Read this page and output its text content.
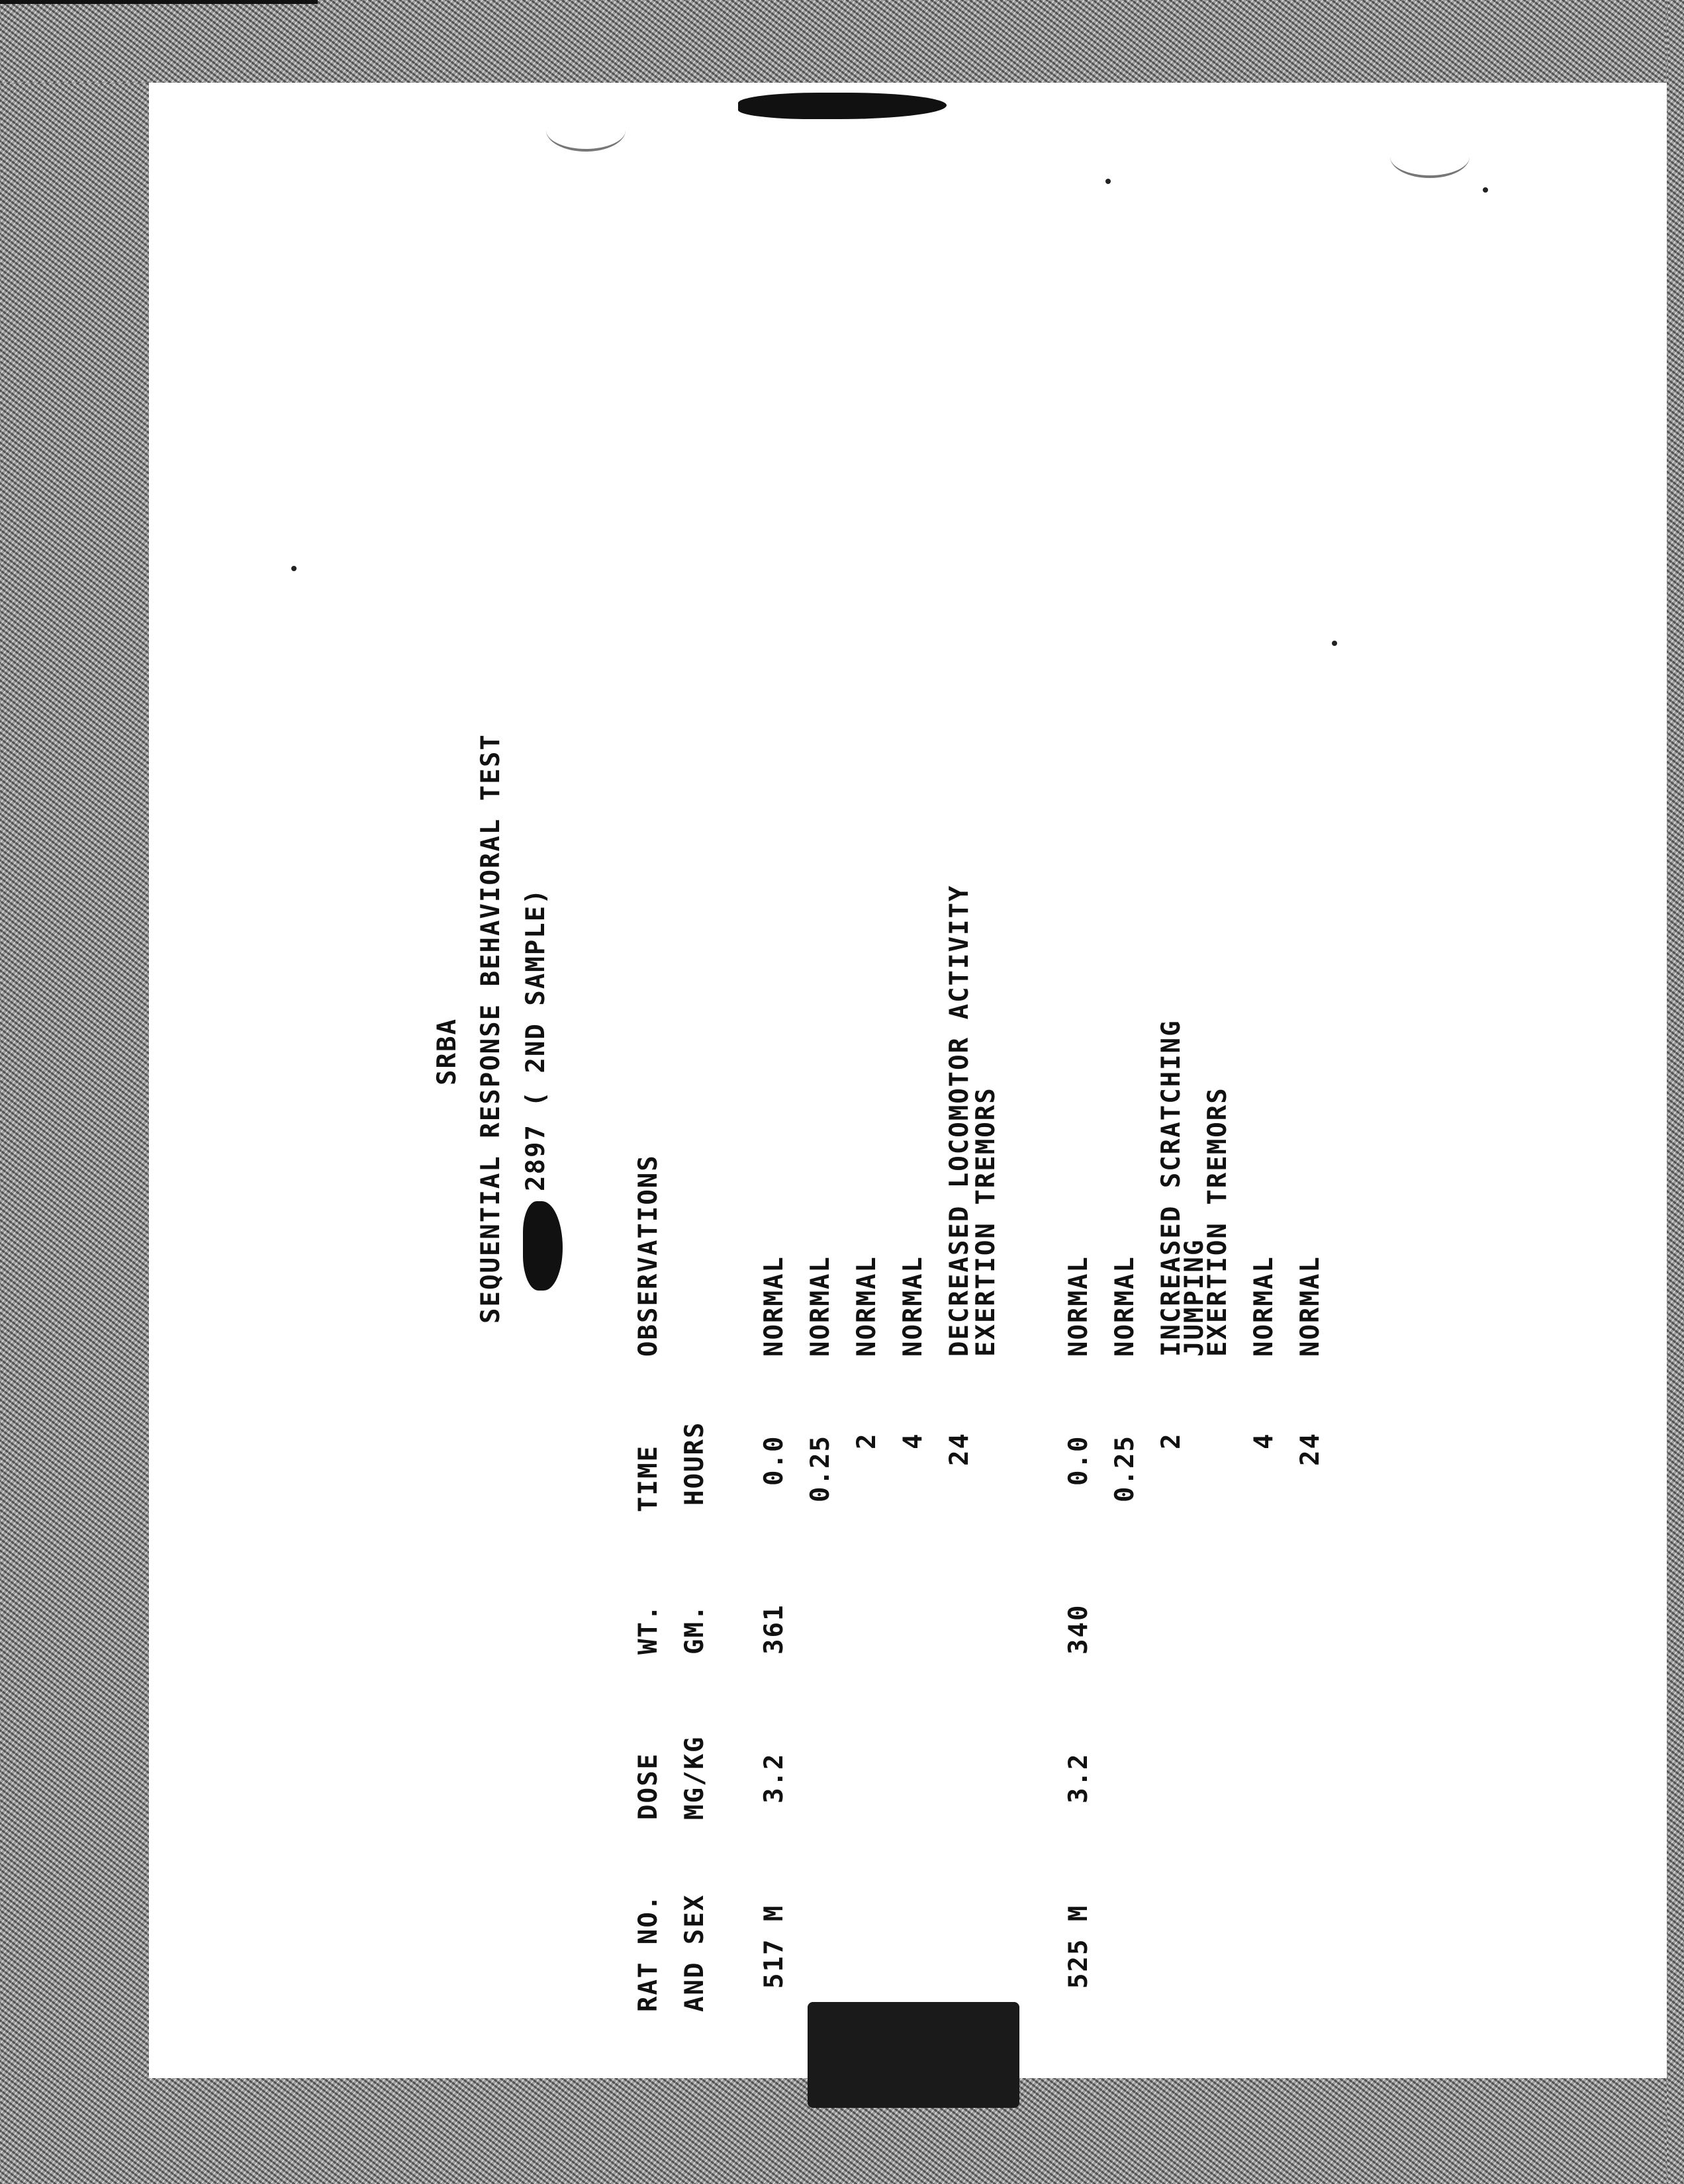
SRBA SEQUENTIAL RESPONSE BEHAVIORAL TEST 2897 ( 2ND SAMPLE)
RAT NO.
DOSE
WT.
TIME
OBSERVATIONS
AND SEX
MG/KG
GM.
HOURS
517 M
3.2
361
0.0
NORMAL
0.25
NORMAL
2
NORMAL
4
NORMAL
24
DECREASED LOCOMOTOR ACTIVITY
EXERTION TREMORS
525 M
3.2
340
0.0
NORMAL
0.25
NORMAL
2
INCREASED SCRATCHING
JUMPING
EXERTION TREMORS
4
NORMAL
24
NORMAL
